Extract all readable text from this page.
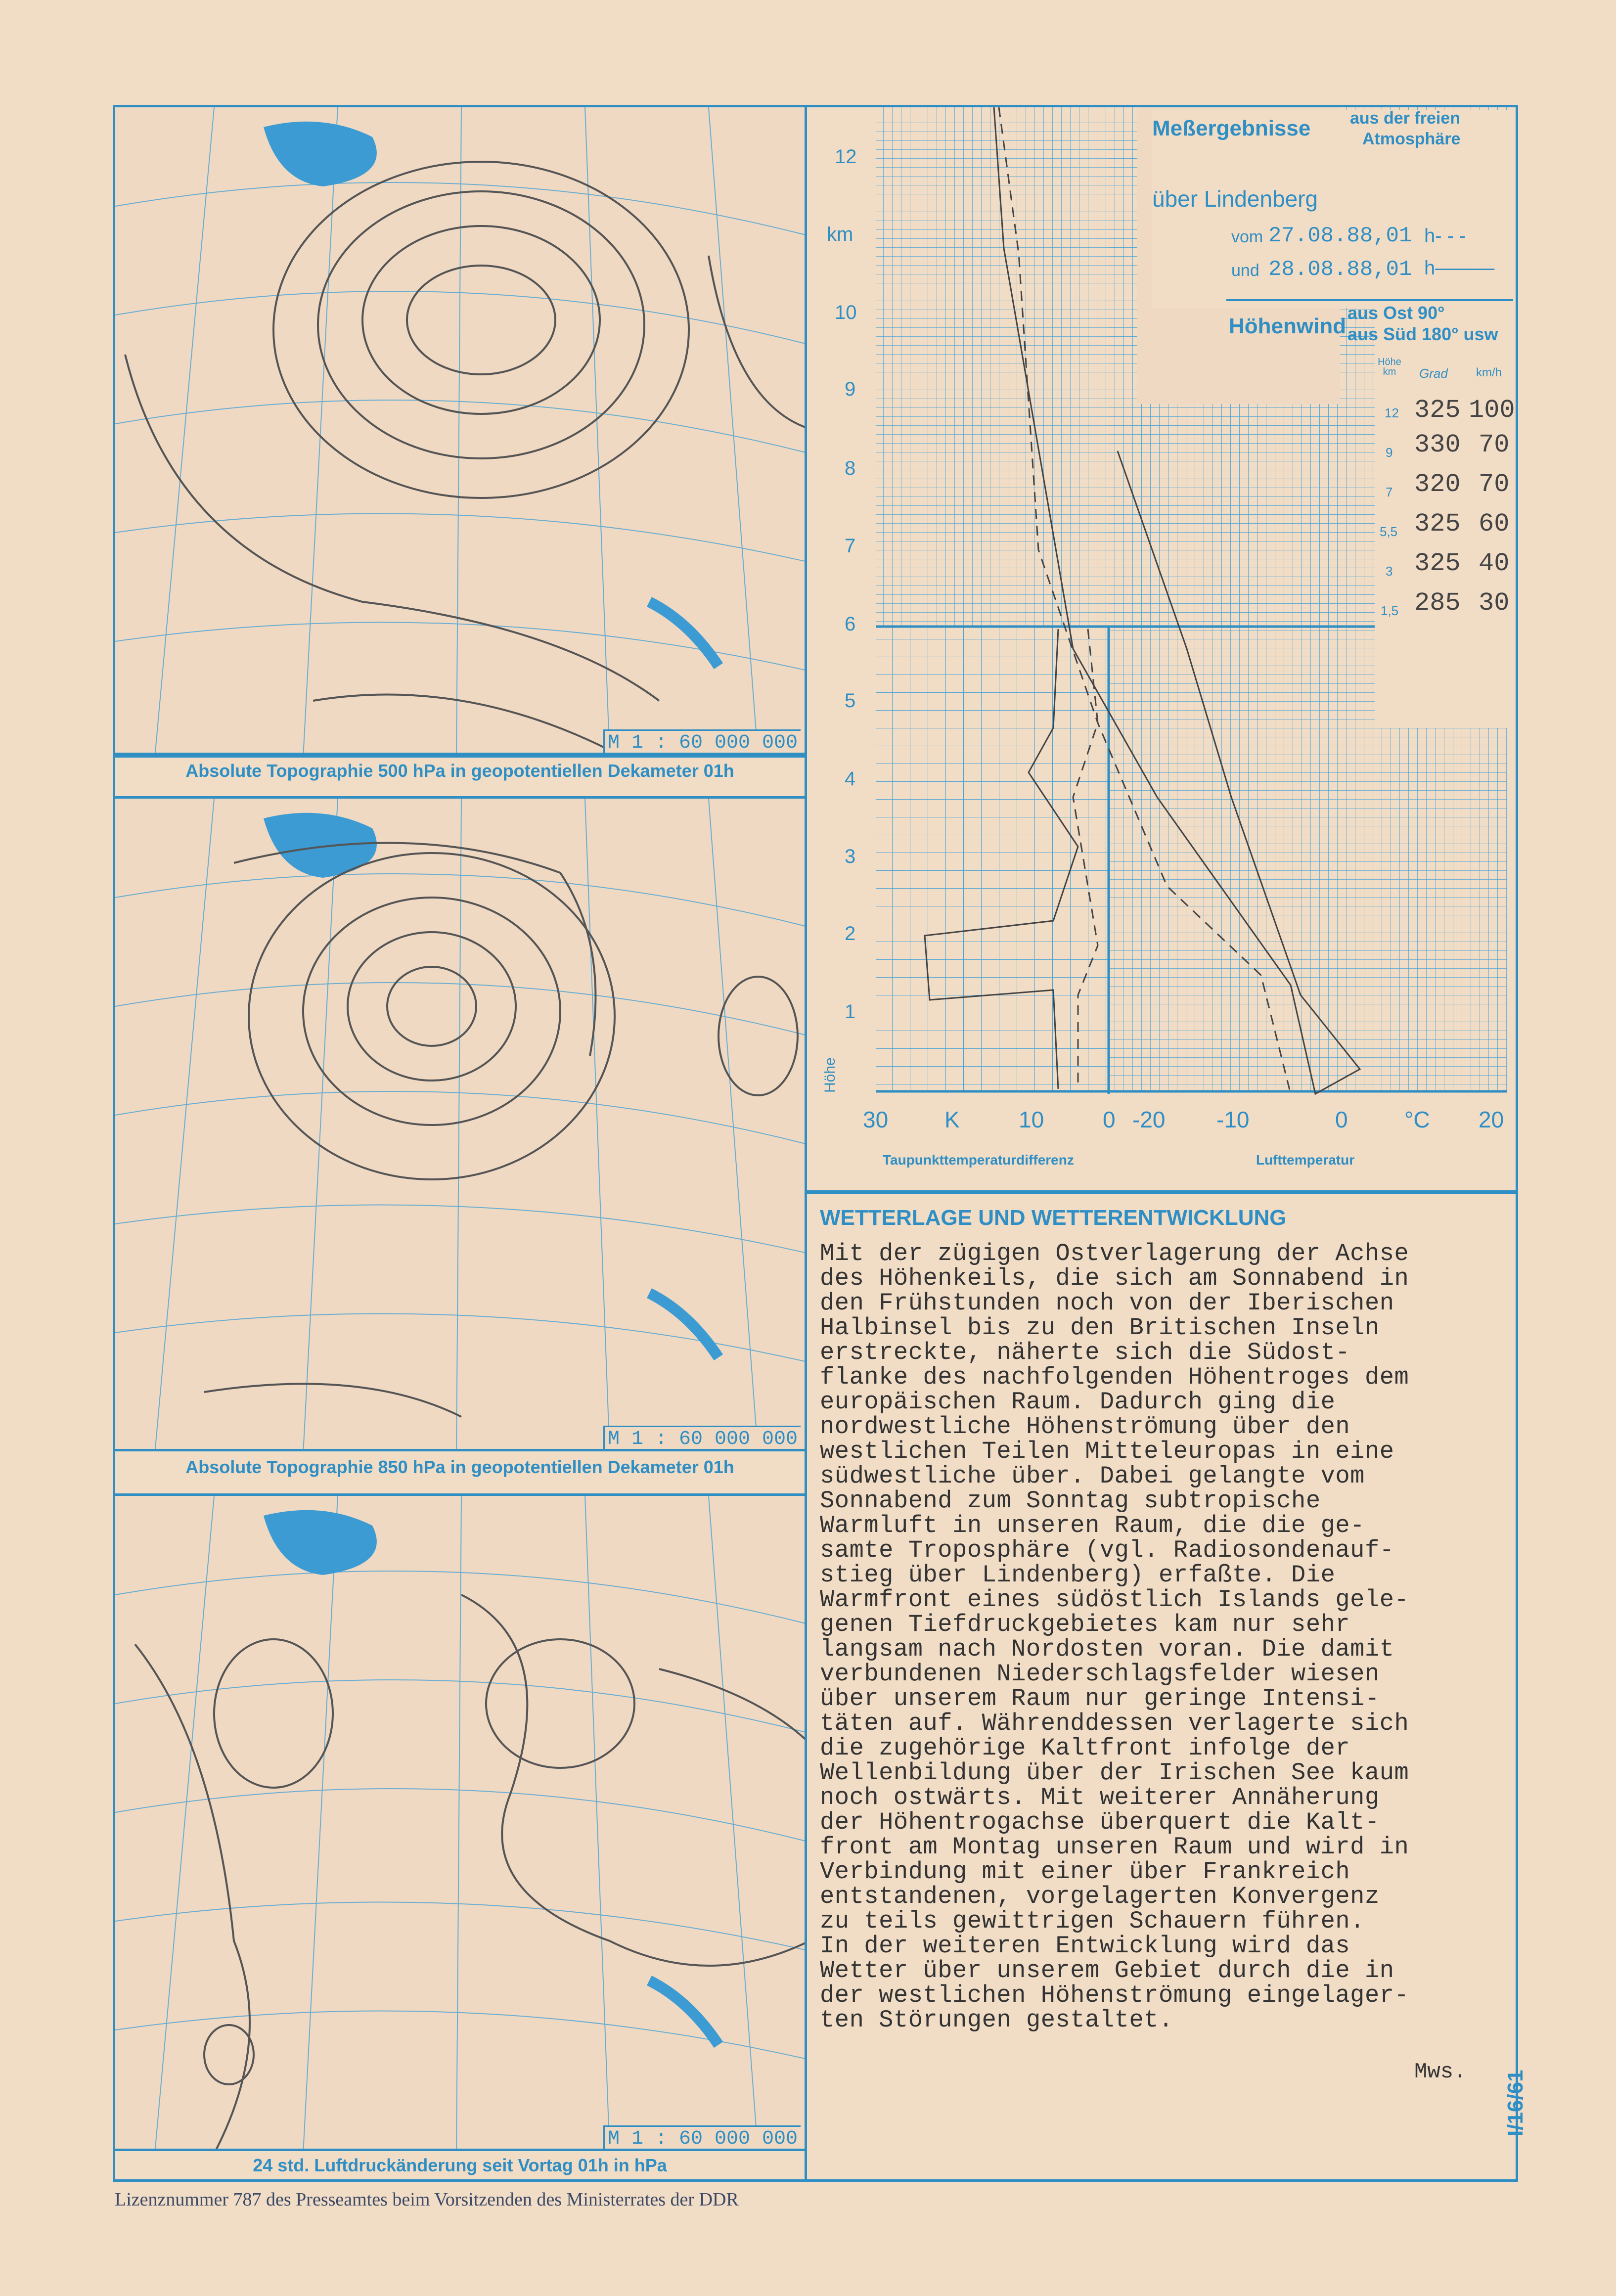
M 1 : 60 000 000
Absolute Topographie 500 hPa in geopotentiellen Dekameter 01h
M 1 : 60 000 000
Absolute Topographie 850 hPa in geopotentiellen Dekameter 01h
M 1 : 60 000 000
24 std. Luftdruckänderung seit Vortag 01h in hPa
12
km
10
9
8
7
6
5
4
3
2
1
Höhe
30 K	10	0 -20 -10	0 °C 20
Taupunkttemperaturdifferenz	Lufttemperatur
Meßergebnisse aus der freien
Atmosphäre
über Lindenberg
vom 27.08.88,01 h- - -
und 28.08.88,01 h———
Höhenwind
aus Ost 90°
aus Süd 180° usw
Höhe km	Grad km/h
12 325 100
9 330 70
7 320 70
5,5 325 60
3 325 40
1,5 285 30
WETTERLAGE UND WETTERENTWICKLUNG
Mit der zügigen Ostverlagerung der Achse
des Höhenkeils, die sich am Sonnabend in
den Frühstunden noch von der Iberischen
Halbinsel bis zu den Britischen Inseln
erstreckte, näherte sich die Südost-
flanke des nachfolgenden Höhentroges dem
europäischen Raum. Dadurch ging die
nordwestliche Höhenströmung über den
westlichen Teilen Mitteleuropas in eine
südwestliche über. Dabei gelangte vom
Sonnabend zum Sonntag subtropische
Warmluft in unseren Raum, die die ge-
samte Troposphäre (vgl. Radiosondenauf-
stieg über Lindenberg) erfaßte. Die
Warmfront eines südöstlich Islands gele-
genen Tiefdruckgebietes kam nur sehr
langsam nach Nordosten voran. Die damit
verbundenen Niederschlagsfelder wiesen
über unserem Raum nur geringe Intensi-
täten auf. Währenddessen verlagerte sich
die zugehörige Kaltfront infolge der
Wellenbildung über der Irischen See kaum
noch ostwärts. Mit weiterer Annäherung
der Höhentrogachse überquert die Kalt-
front am Montag unseren Raum und wird in
Verbindung mit einer über Frankreich
entstandenen, vorgelagerten Konvergenz
zu teils gewittrigen Schauern führen.
In der weiteren Entwicklung wird das
Wetter über unserem Gebiet durch die in
der westlichen Höhenströmung eingelager-
ten Störungen gestaltet.
Mws.
Lizenznummer 787 des Presseamtes beim Vorsitzenden des Ministerrates der DDR
I/16/61
